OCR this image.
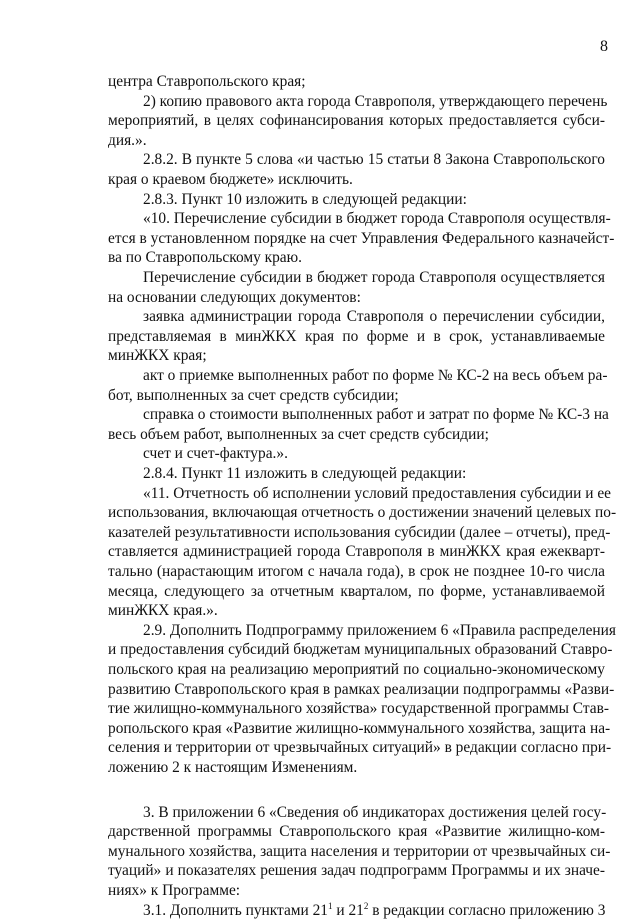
8
центра Ставропольского края;
2) копию правового акта города Ставрополя, утверждающего перечень
мероприятий, в целях софинансирования которых предоставляется субси-
дия.».
2.8.2. В пункте 5 слова «и частью 15 статьи 8 Закона Ставропольского
края о краевом бюджете» исключить.
2.8.3. Пункт 10 изложить в следующей редакции:
«10. Перечисление субсидии в бюджет города Ставрополя осуществля-
ется в установленном порядке на счет Управления Федерального казначейст-
ва по Ставропольскому краю.
Перечисление субсидии в бюджет города Ставрополя осуществляется
на основании следующих документов:
заявка администрации города Ставрополя о перечислении субсидии,
представляемая в минЖКХ края по форме и в срок, устанавливаемые
минЖКХ края;
акт о приемке выполненных работ по форме № КС-2 на весь объем ра-
бот, выполненных за счет средств субсидии;
справка о стоимости выполненных работ и затрат по форме № КС-3 на
весь объем работ, выполненных за счет средств субсидии;
счет и счет-фактура.».
2.8.4. Пункт 11 изложить в следующей редакции:
«11. Отчетность об исполнении условий предоставления субсидии и ее
использования, включающая отчетность о достижении значений целевых по-
казателей результативности использования субсидии (далее – отчеты), пред-
ставляется администрацией города Ставрополя в минЖКХ края ежекварт-
тально (нарастающим итогом с начала года), в срок не позднее 10-го числа
месяца, следующего за отчетным кварталом, по форме, устанавливаемой
минЖКХ края.».
2.9. Дополнить Подпрограмму приложением 6 «Правила распределения
и предоставления субсидий бюджетам муниципальных образований Ставро-
польского края на реализацию мероприятий по социально-экономическому
развитию Ставропольского края в рамках реализации подпрограммы «Разви-
тие жилищно-коммунального хозяйства» государственной программы Став-
ропольского края «Развитие жилищно-коммунального хозяйства, защита на-
селения и территории от чрезвычайных ситуаций» в редакции согласно при-
ложению 2 к настоящим Изменениям.
3. В приложении 6 «Сведения об индикаторах достижения целей госу-
дарственной программы Ставропольского края «Развитие жилищно-ком-
мунального хозяйства, защита населения и территории от чрезвычайных си-
туаций» и показателях решения задач подпрограмм Программы и их значе-
ниях» к Программе:
3.1. Дополнить пунктами $21^1$ и $21^2$ в редакции согласно приложению 3
